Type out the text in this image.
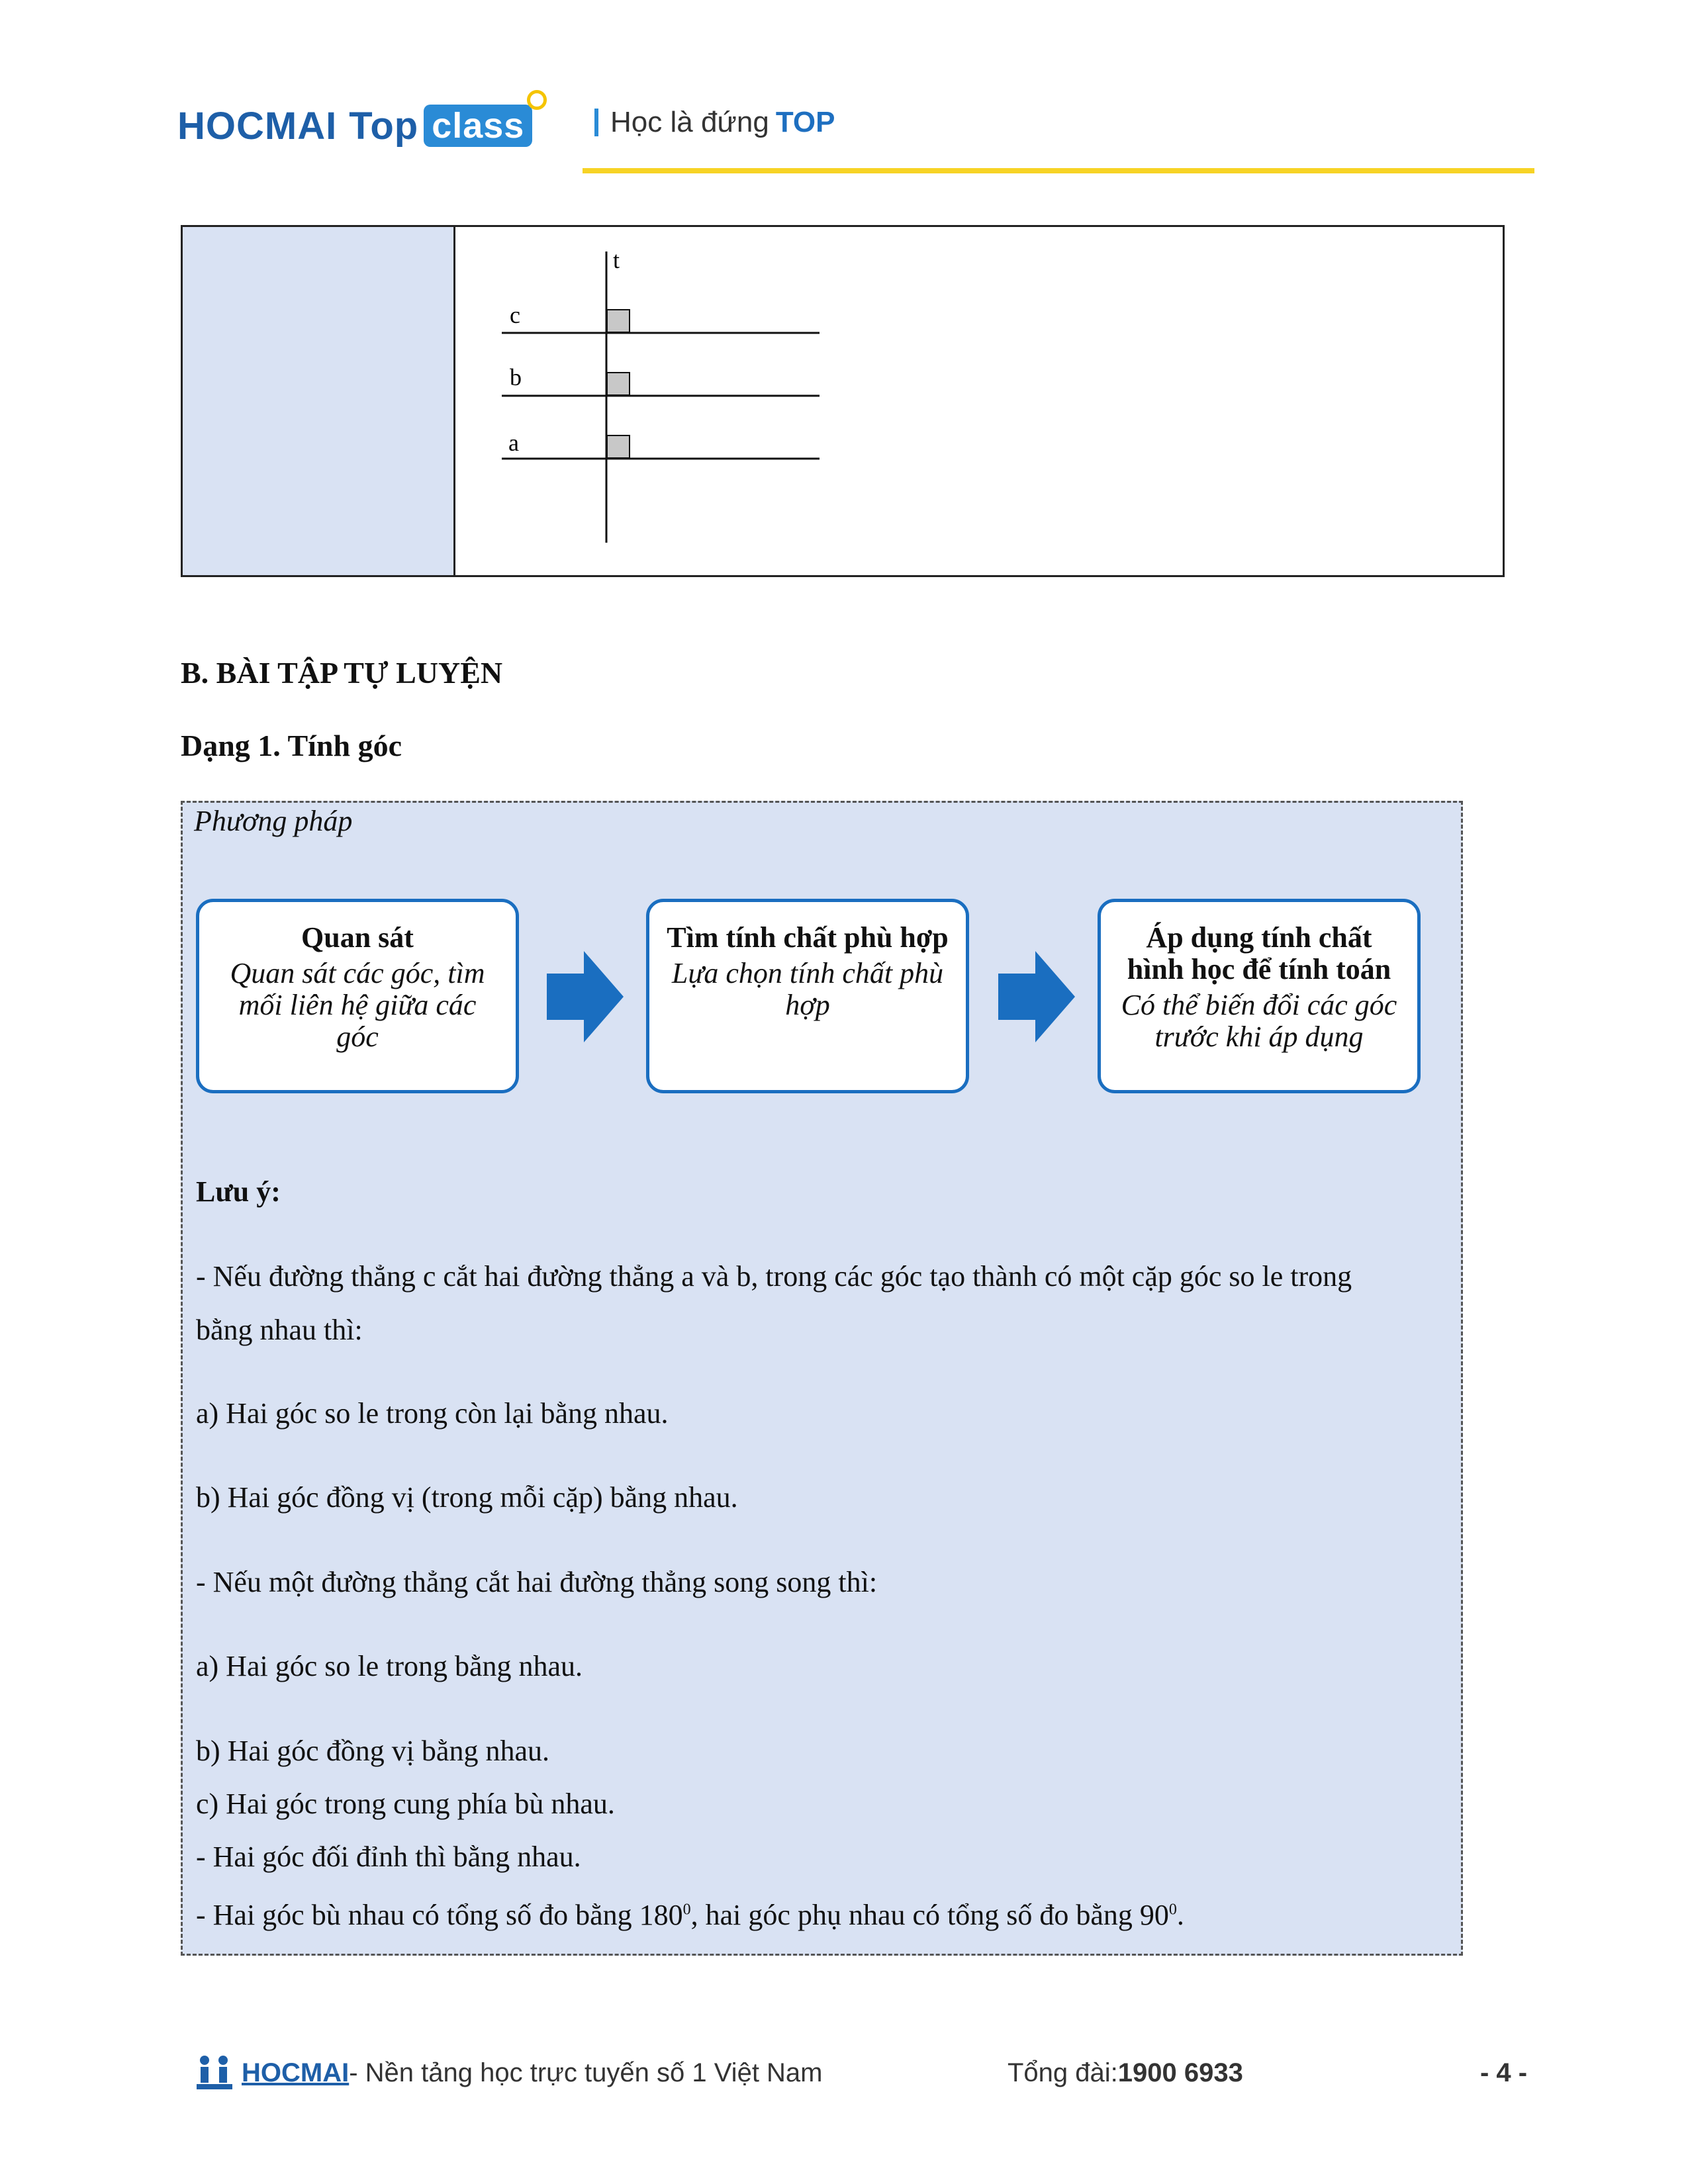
HOCMAI Top class	Học là đứng TOP
t
c
b
a
B. BÀI TẬP TỰ LUYỆN
Dạng 1. Tính góc
Phương pháp
Quan sát
Quan sát các góc, tìm mối liên hệ giữa các góc
Tìm tính chất phù hợp
Lựa chọn tính chất phù hợp
Áp dụng tính chất hình học để tính toán
Có thể biến đổi các góc trước khi áp dụng
Lưu ý:
- Nếu đường thẳng c cắt hai đường thẳng a và b, trong các góc tạo thành có một cặp góc so le trong
bằng nhau thì:
a) Hai góc so le trong còn lại bằng nhau.
b) Hai góc đồng vị (trong mỗi cặp) bằng nhau.
- Nếu một đường thẳng cắt hai đường thẳng song song thì:
a) Hai góc so le trong bằng nhau.
b) Hai góc đồng vị bằng nhau.
c) Hai góc trong cung phía bù nhau.
- Hai góc đối đỉnh thì bằng nhau.
- Hai góc bù nhau có tổng số đo bằng $180^0$, hai góc phụ nhau có tổng số đo bằng $90^0$.
HOCMAI - Nền tảng học trực tuyến số 1 Việt Nam	Tổng đài: 1900 6933	- 4 -
